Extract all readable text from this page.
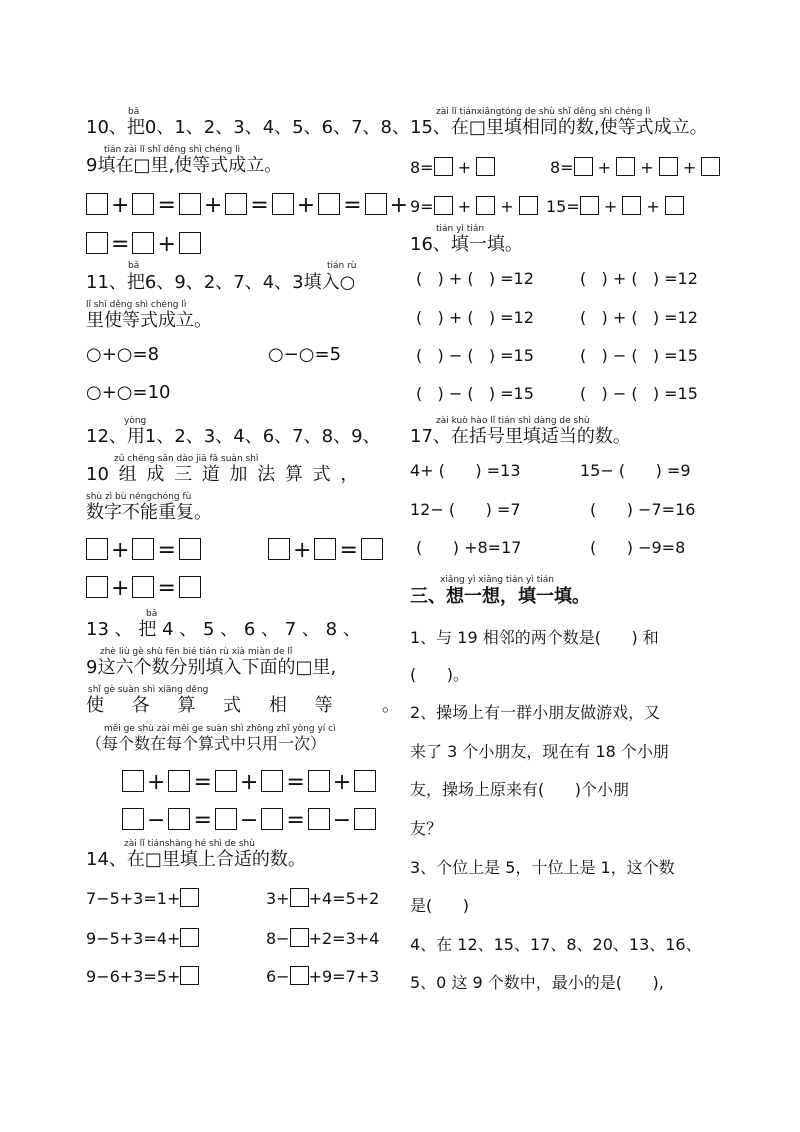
bǎ
10、把0、1、2、3、4、5、6、7、8、
tián zài lǐ shǐ děng shì chéng lì
9填在□里,使等式成立。
+ = + = + = +
= +
bǎ	tián rù
11、把6、9、2、7、4、3填入○
lǐ shǐ děng shì chéng lì
里使等式成立。
○+○=8	○−○=5
○+○=10
yòng
12、用1、2、3、4、6、7、8、9、
zǔ chéng sān dào jiā fǎ suàn shì
10 组 成 三 道 加 法 算 式 ，
shù zì bù néngchóng fù
数字不能重复。
+ =	+ =
+ =
bǎ
13 、 把 4 、 5 、 6 、 7 、 8 、
zhè liù gè shù fēn bié tián rù xià miàn de lǐ
9这六个数分别填入下面的□里,
shǐ gè suàn shì xiāng děng
使 各 算 式 相 等	。
měi ge shù zài měi ge suàn shì zhōng zhǐ yòng yí cì
（每个数在每个算式中只用一次）
+ = + = +
− = − = −
zài lǐ tiánshàng hé shì de shù
14、在□里填上合适的数。
7−5+3=1+	3+ +4=5+2
9−5+3=4+	8− +2=3+4
9−6+3=5+	6− +9=7+3
zài lǐ tiánxiāngtóng de shù shǐ děng shì chéng lì
15、在□里填相同的数,使等式成立。
8= +	8= +  +  +
9= +  +	15= +  +
tián yì tián
16、填一填。
(   ) + (   ) =12	(   ) + (   ) =12
(   ) + (   ) =12	(   ) + (   ) =12
(   ) − (   ) =15	(   ) − (   ) =15
(   ) − (   ) =15	(   ) − (   ) =15
zài kuò hào lǐ tián shì dàng de shù
17、在括号里填适当的数。
4+ (      ) =13	15− (      ) =9
12− (      ) =7	(      ) −7=16
(      ) +8=17	(      ) −9=8
xiǎng yì xiǎng tián yì tián
三、想一想，填一填。
1、与 19 相邻的两个数是(      ) 和
(      )。
2、操场上有一群小朋友做游戏，又
来了 3 个小朋友，现在有 18 个小朋
友，操场上原来有(      )个小朋
友？
3、个位上是 5，十位上是 1，这个数
是(      )
4、在 12、15、17、8、20、13、16、
5、0 这 9 个数中，最小的是(      ),
